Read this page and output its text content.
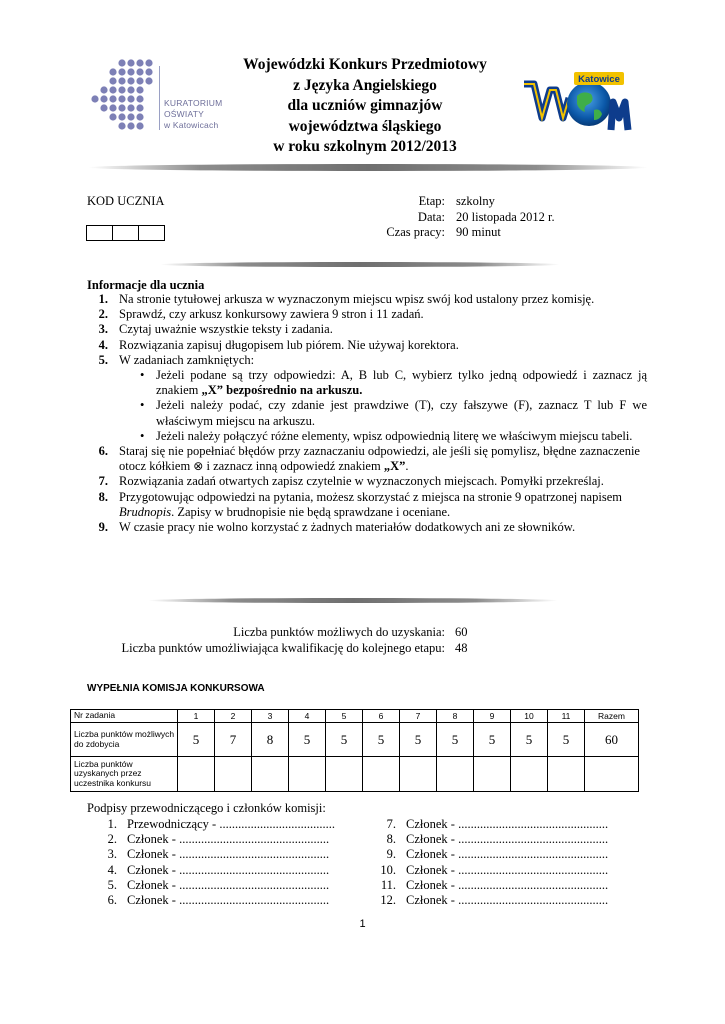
KURATORIUM
OŚWIATY
w Katowicach
Wojewódzki Konkurs Przedmiotowy
z Języka Angielskiego
dla uczniów gimnazjów
województwa śląskiego
w roku szkolnym 2012/2013
Katowice
WOM
KOD UCZNIA	Etap: szkolny
Data: 20 listopada 2012 r.
Czas pracy: 90 minut
Informacje dla ucznia
1. Na stronie tytułowej arkusza w wyznaczonym miejscu wpisz swój kod ustalony przez komisję.
2. Sprawdź, czy arkusz konkursowy zawiera 9 stron i 11 zadań.
3. Czytaj uważnie wszystkie teksty i zadania.
4. Rozwiązania zapisuj długopisem lub piórem. Nie używaj korektora.
5. W zadaniach zamkniętych:
• Jeżeli podane są trzy odpowiedzi: A, B lub C, wybierz tylko jedną odpowiedź i zaznacz ją znakiem „X” bezpośrednio na arkuszu.
• Jeżeli należy podać, czy zdanie jest prawdziwe (T), czy fałszywe (F), zaznacz T lub F we właściwym miejscu na arkuszu.
• Jeżeli należy połączyć różne elementy, wpisz odpowiednią literę we właściwym miejscu tabeli.
6. Staraj się nie popełniać błędów przy zaznaczaniu odpowiedzi, ale jeśli się pomylisz, błędne zaznaczenie otocz kółkiem ⊗ i zaznacz inną odpowiedź znakiem „X”.
7. Rozwiązania zadań otwartych zapisz czytelnie w wyznaczonych miejscach. Pomyłki przekreślaj.
8. Przygotowując odpowiedzi na pytania, możesz skorzystać z miejsca na stronie 9 opatrzonej napisem Brudnopis. Zapisy w brudnopisie nie będą sprawdzane i oceniane.
9. W czasie pracy nie wolno korzystać z żadnych materiałów dodatkowych ani ze słowników.
Liczba punktów możliwych do uzyskania: 60
Liczba punktów umożliwiająca kwalifikację do kolejnego etapu: 48
WYPEŁNIA KOMISJA KONKURSOWA
Nr zadania	1	2	3	4	5	6	7	8	9	10	11	Razem
Liczba punktów możliwych do zdobycia	5	7	8	5	5	5	5	5	5	5	5	60
Liczba punktów uzyskanych przez uczestnika konkursu												
Podpisy przewodniczącego i członków komisji:
1. Przewodniczący - .....................................
2. Członek - ................................................
3. Członek - ................................................
4. Członek - ................................................
5. Członek - ................................................
6. Członek - ................................................
7. Członek - ................................................
8. Członek - ................................................
9. Członek - ................................................
10. Członek - ................................................
11. Członek - ................................................
12. Członek - ................................................
1
